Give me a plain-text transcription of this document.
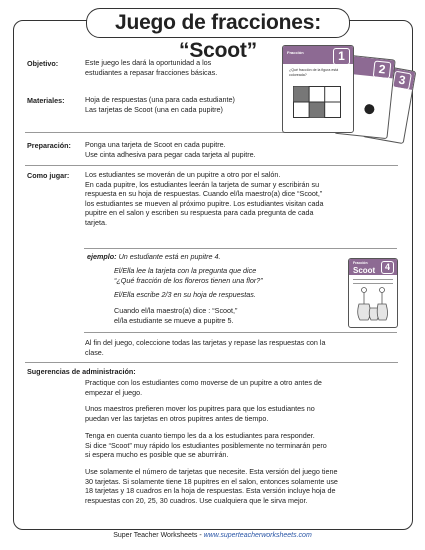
Juego de fracciones: “Scoot”
Objetivo:	Este juego les dará la oportunidad a los

estudiantes a repasar fracciones básicas.

Materiales:	Hoja de respuestas (una para cada estudiante)

Las tarjetas de Scoot (una en cada pupitre)

Preparación: Ponga una tarjeta de Scoot en cada pupitre.

Use cinta adhesiva para pegar cada tarjeta al pupitre.

Como jugar: Los estudiantes se moverán de un pupitre a otro por el salón.

En cada pupitre, los estudiantes leerán la tarjeta de sumar y escribirán su

respuesta en su hoja de respuestas. Cuando el/la maestro(a) dice “Scoot,”

los estudiantes se mueven al próximo pupitre. Los estudiantes visitan cada

pupitre en el salon y escriben su respuesta para cada pregunta de cada

tarjeta.

ejemplo: Un estudiante está en pupitre 4.

El/Ella lee la tarjeta con la pregunta que dice

“¿Qué fracción de los floreros tienen una flor?”

El/Ella escribe 2/3 en su hoja de respuestas.

Cuando el/la maestro(a) dice : “Scoot,”

el/la estudiante se mueve a pupitre 5.

Al fin del juego, coleccione todas las tarjetas y repase las respuestas con la

clase.

Sugerencias de administración:

Practique con los estudiantes como moverse de un pupitre a otro antes de

empezar el juego.

Unos maestros prefieren mover los pupitres para que los estudiantes no

puedan ver las tarjetas en otros pupitres antes de tiempo.

Tenga en cuenta cuanto tiempo les da a los estudiantes para responder.

Si dice “Scoot” muy rápido los estudiantes posiblemente no terminarán pero

si espera mucho es posible que se aburrirán.

Use solamente el número de tarjetas que necesite. Esta versión del juego tiene

30 tarjetas. Si solamente tiene 18 pupitres en el salon, entonces solamente use

18 tarjetas y 18 cuadros en la hoja de respuestas. Esta versión incluye hoja de

respuestas con 20, 25, 30 cuadros. Use cualquiera que le sirva mejor.

3
2
Fracción	1
¿Qué fracción de la figura está coloreada?
Fracción
Scoot	4
Super Teacher Worksheets - www.superteacherworksheets.com
